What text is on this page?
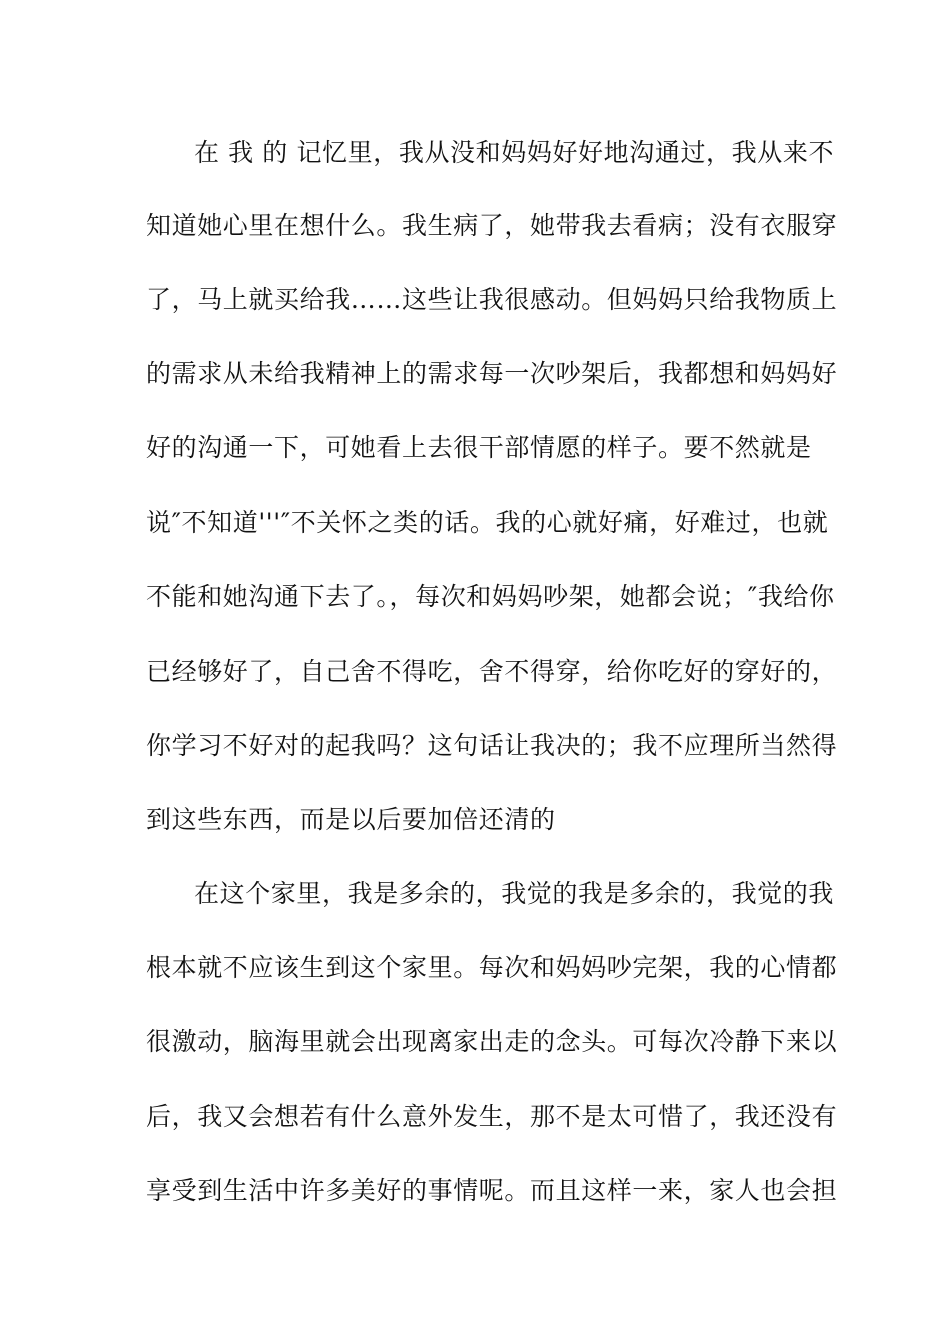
在 我 的 记忆里，我从没和妈妈好好地沟通过，我从来不
知道她心里在想什么。我生病了，她带我去看病；没有衣服穿
了，马上就买给我……这些让我很感动。但妈妈只给我物质上
的需求从未给我精神上的需求每一次吵架后，我都想和妈妈好
好的沟通一下，可她看上去很干部情愿的样子。要不然就是
说″不知道'''″不关怀之类的话。我的心就好痛，好难过，也就
不能和她沟通下去了。，每次和妈妈吵架，她都会说；″我给你
已经够好了，自己舍不得吃，舍不得穿，给你吃好的穿好的，
你学习不好对的起我吗？这句话让我决的；我不应理所当然得
到这些东西，而是以后要加倍还清的
在这个家里，我是多余的，我觉的我是多余的，我觉的我
根本就不应该生到这个家里。每次和妈妈吵完架，我的心情都
很激动，脑海里就会出现离家出走的念头。可每次冷静下来以
后，我又会想若有什么意外发生，那不是太可惜了，我还没有
享受到生活中许多美好的事情呢。而且这样一来，家人也会担
